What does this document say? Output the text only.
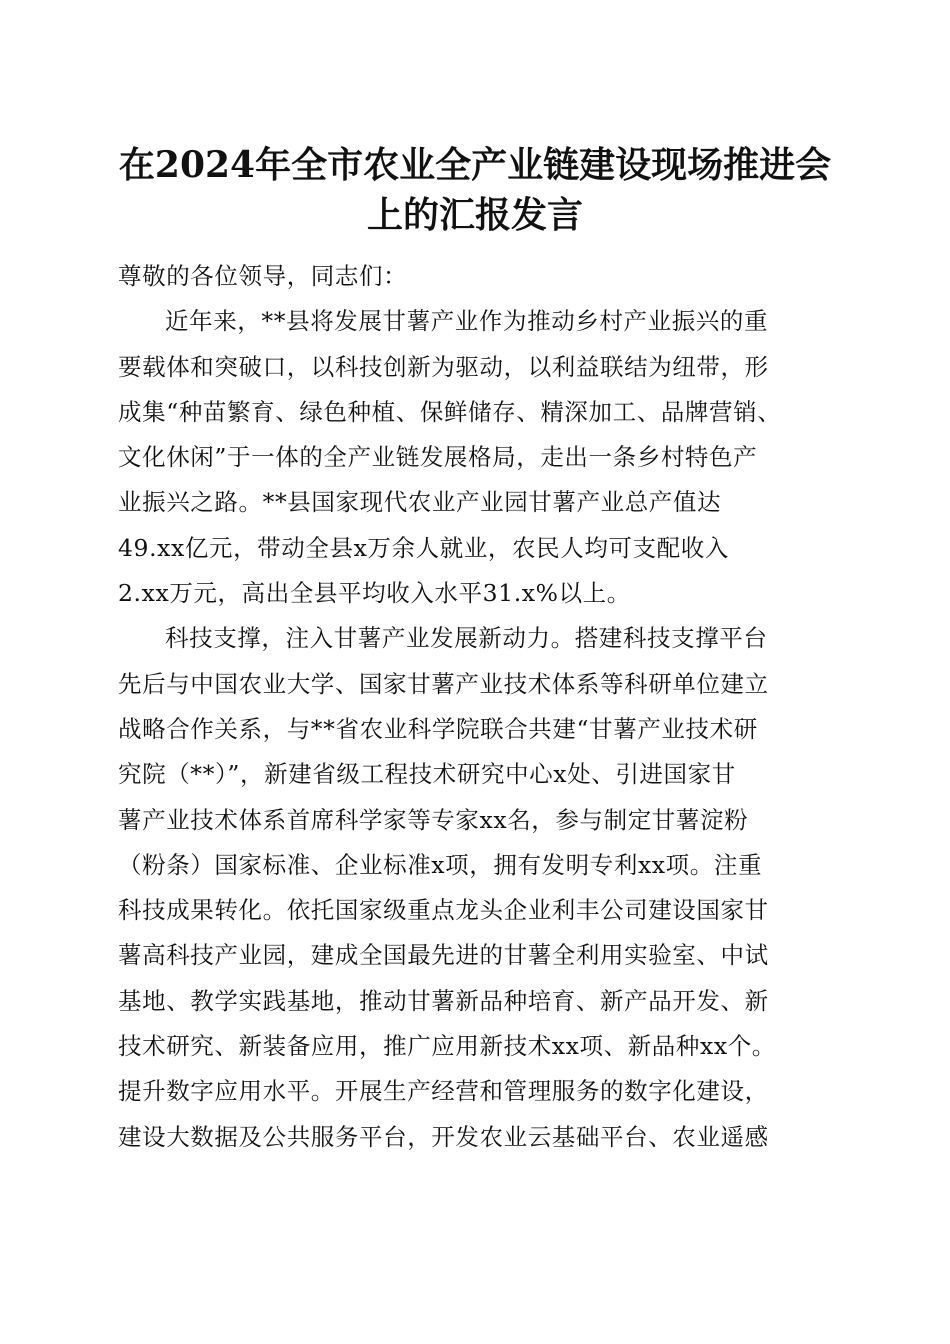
在2024年全市农业全产业链建设现场推进会
上的汇报发言
尊敬的各位领导，同志们：
近年来，**县将发展甘薯产业作为推动乡村产业振兴的重
要载体和突破口，以科技创新为驱动，以利益联结为纽带，形
成集“种苗繁育、绿色种植、保鲜储存、精深加工、品牌营销、
文化休闲”于一体的全产业链发展格局，走出一条乡村特色产
业振兴之路。**县国家现代农业产业园甘薯产业总产值达
49.xx亿元，带动全县x万余人就业，农民人均可支配收入
2.xx万元，高出全县平均收入水平31.x%以上。
科技支撑，注入甘薯产业发展新动力。搭建科技支撑平台
先后与中国农业大学、国家甘薯产业技术体系等科研单位建立
战略合作关系，与**省农业科学院联合共建“甘薯产业技术研
究院（**）”，新建省级工程技术研究中心x处、引进国家甘
薯产业技术体系首席科学家等专家xx名，参与制定甘薯淀粉
（粉条）国家标准、企业标准x项，拥有发明专利xx项。注重
科技成果转化。依托国家级重点龙头企业利丰公司建设国家甘
薯高科技产业园，建成全国最先进的甘薯全利用实验室、中试
基地、教学实践基地，推动甘薯新品种培育、新产品开发、新
技术研究、新装备应用，推广应用新技术xx项、新品种xx个。
提升数字应用水平。开展生产经营和管理服务的数字化建设，
建设大数据及公共服务平台，开发农业云基础平台、农业遥感
